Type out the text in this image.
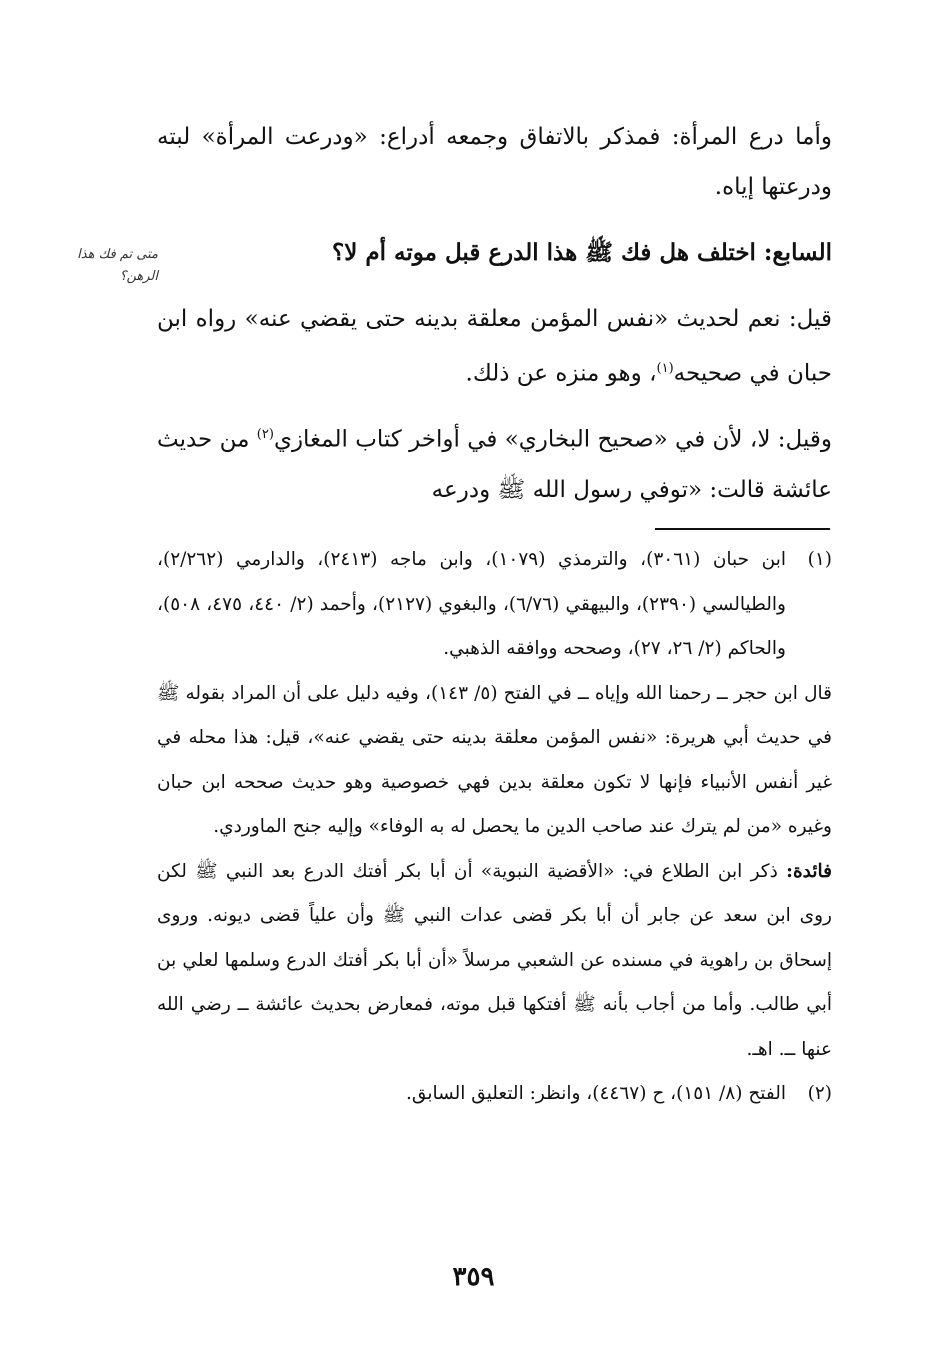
وأما درع المرأة: فمذكر بالاتفاق وجمعه أدراع: «ودرعت المرأة» لبته ودرعتها إياه.
السابع: اختلف هل فك ﷺ هذا الدرع قبل موته أم لا؟
متى تم فك هذا الرهن؟
قيل: نعم لحديث «نفس المؤمن معلقة بدينه حتى يقضي عنه» رواه ابن حبان في صحيحه$^{(١)}$، وهو منزه عن ذلك.
وقيل: لا، لأن في «صحيح البخاري» في أواخر كتاب المغازي$^{(٢)}$ من حديث عائشة قالت: «توفي رسول الله ﷺ ودرعه
(١)

ابن حبان (٣٠٦١)، والترمذي (١٠٧٩)، وابن ماجه (٢٤١٣)، والدارمي (٢/٢٦٢)، والطيالسي (٢٣٩٠)، والبيهقي (٦/٧٦)، والبغوي (٢١٢٧)، وأحمد (٢/ ٤٤٠، ٤٧٥، ٥٠٨)، والحاكم (٢/ ٢٦، ٢٧)، وصححه ووافقه الذهبي.

قال ابن حجر ــ رحمنا الله وإياه ــ في الفتح (٥/ ١٤٣)، وفيه دليل على أن المراد بقوله ﷺ في حديث أبي هريرة: «نفس المؤمن معلقة بدينه حتى يقضي عنه»، قيل: هذا محله في غير أنفس الأنبياء فإنها لا تكون معلقة بدين فهي خصوصية وهو حديث صححه ابن حبان وغيره «من لم يترك عند صاحب الدين ما يحصل له به الوفاء» وإليه جنح الماوردي.

فائدة: ذكر ابن الطلاع في: «الأقضية النبوية» أن أبا بكر أفتك الدرع بعد النبي ﷺ لكن روى ابن سعد عن جابر أن أبا بكر قضى عدات النبي ﷺ وأن علياً قضى ديونه. وروى إسحاق بن راهوية في مسنده عن الشعبي مرسلاً «أن أبا بكر أفتك الدرع وسلمها لعلي بن أبي طالب. وأما من أجاب بأنه ﷺ أفتكها قبل موته، فمعارض بحديث عائشة ــ رضي الله عنها ــ. اهـ.

(٢)

الفتح (٨/ ١٥١)، ح (٤٤٦٧)، وانظر: التعليق السابق.

٣٥٩
